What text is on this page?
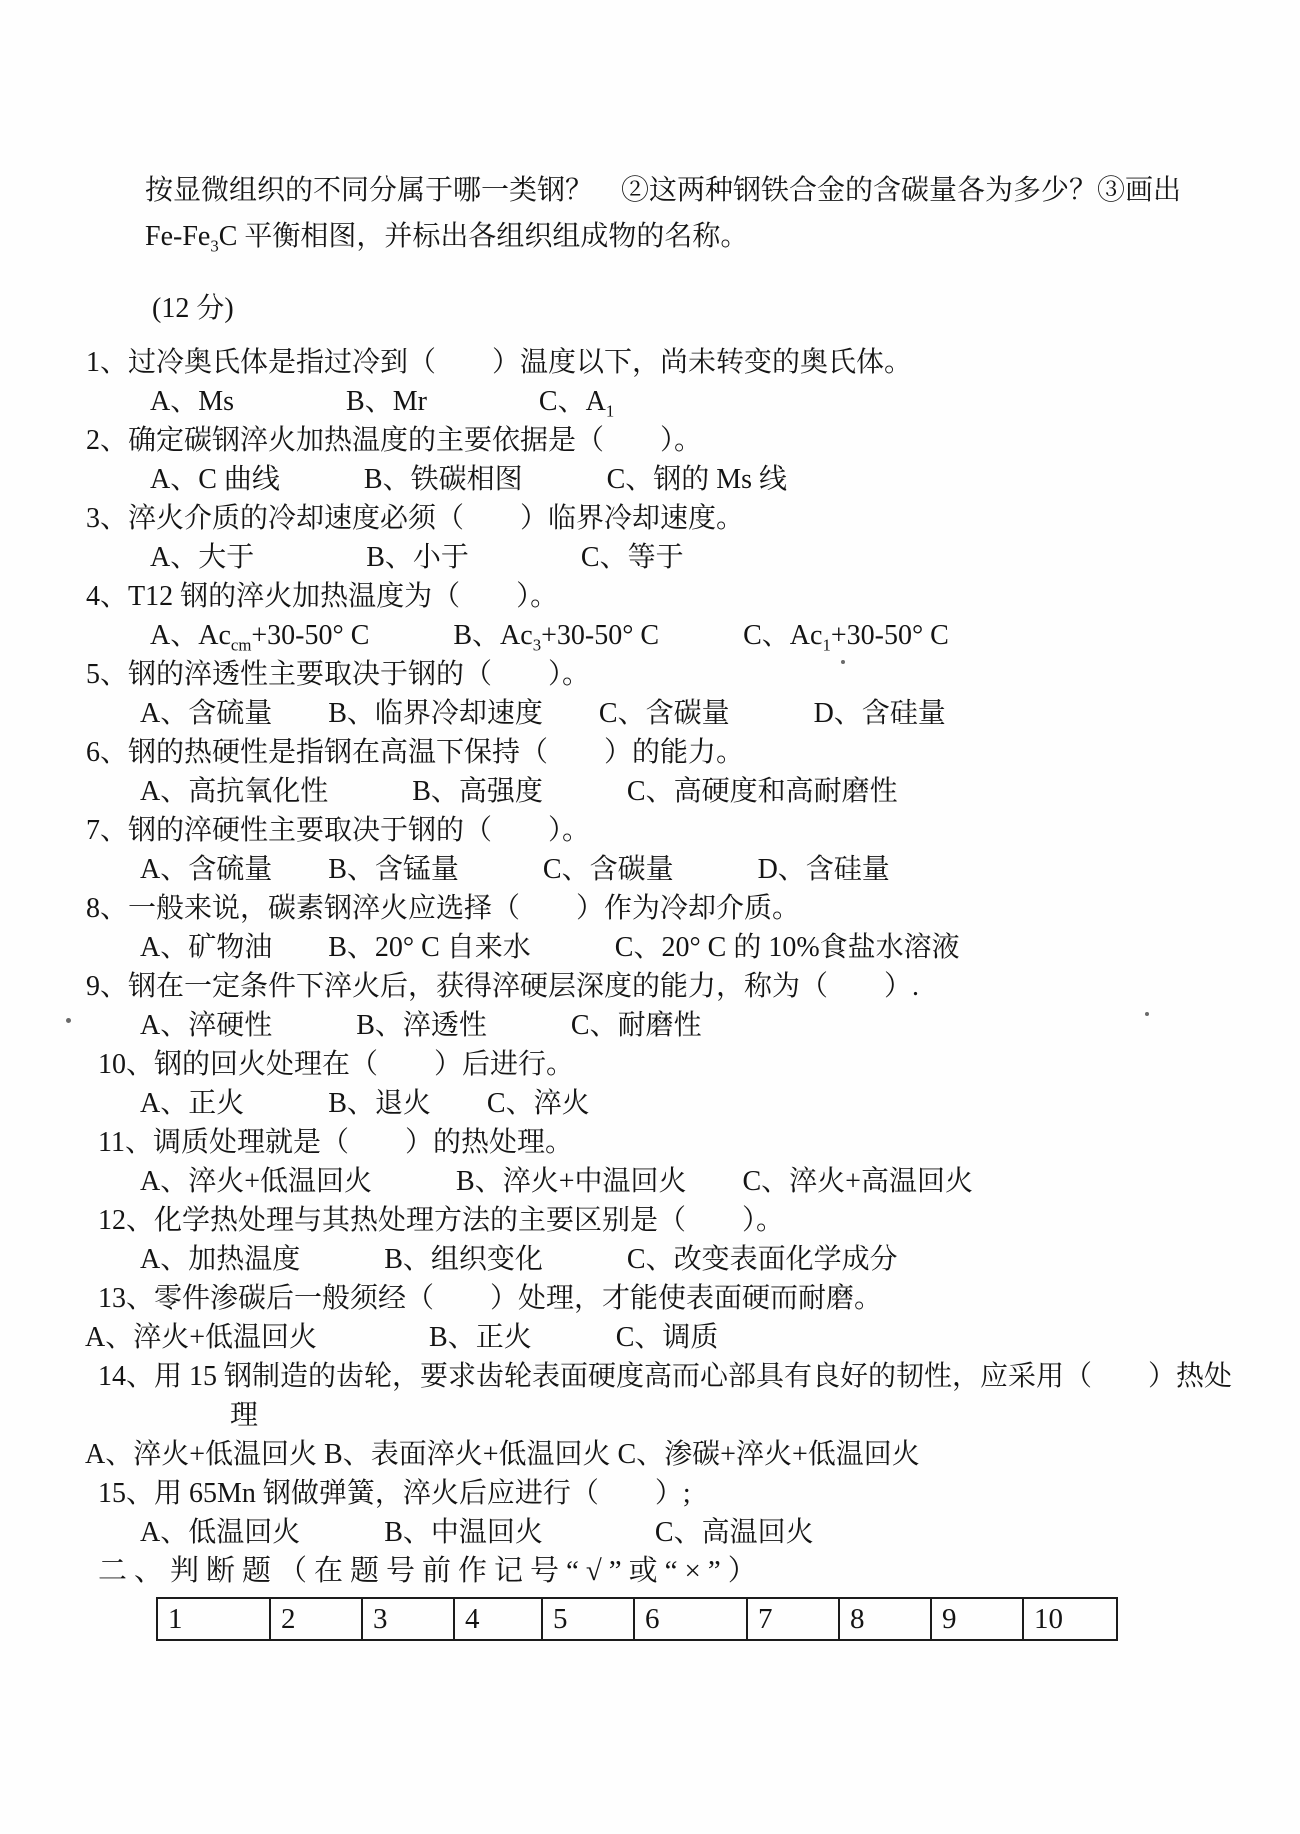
按显微组织的不同分属于哪一类钢？　②这两种钢铁合金的含碳量各为多少？③画出
$Fe-Fe_3C$ 平衡相图，并标出各组织组成物的名称。
(12 分)
1、过冷奥氏体是指过冷到（　　）温度以下，尚未转变的奥氏体。
A、Ms　　　　B、Mr　　　　C、$A_1$
2、确定碳钢淬火加热温度的主要依据是（　　）。
A、C 曲线　　　B、铁碳相图　　　C、钢的 Ms 线
3、淬火介质的冷却速度必须（　　）临界冷却速度。
A、大于　　　　B、小于　　　　C、等于
4、T12 钢的淬火加热温度为（　　）。
A、$Ac_{cm}+30-50^\circ$ C　　　B、$Ac_3+30-50^\circ$ C　　　C、$Ac_1+30-50^\circ$ C
5、钢的淬透性主要取决于钢的（　　）。
A、含硫量　　B、临界冷却速度　　C、含碳量　　　D、含硅量
6、钢的热硬性是指钢在高温下保持（　　）的能力。
A、高抗氧化性　　　B、高强度　　　C、高硬度和高耐磨性
7、钢的淬硬性主要取决于钢的（　　）。
A、含硫量　　B、含锰量　　　C、含碳量　　　D、含硅量
8、一般来说，碳素钢淬火应选择（　　）作为冷却介质。
A、矿物油　　B、20° C 自来水　　　C、20° C 的 10%食盐水溶液
9、钢在一定条件下淬火后，获得淬硬层深度的能力，称为（　　）.
A、淬硬性　　　B、淬透性　　　C、耐磨性
10、钢的回火处理在（　　）后进行。
A、正火　　　B、退火　　C、淬火
11、调质处理就是（　　）的热处理。
A、淬火+低温回火　　　B、淬火+中温回火　　C、淬火+高温回火
12、化学热处理与其热处理方法的主要区别是（　　）。
A、加热温度　　　B、组织变化　　　C、改变表面化学成分
13、零件渗碳后一般须经（　　）处理，才能使表面硬而耐磨。
A、淬火+低温回火　　　　B、正火　　　C、调质
14、用 15 钢制造的齿轮，要求齿轮表面硬度高而心部具有良好的韧性，应采用（　　）热处
理
A、淬火+低温回火 B、表面淬火+低温回火 C、渗碳+淬火+低温回火
15、用 65Mn 钢做弹簧，淬火后应进行（　　）;
A、低温回火　　　B、中温回火　　　　C、高温回火
二、判断题（在题号前作记号“√”或“×”）
1	2	3	4	5	6	7	8	9	10
